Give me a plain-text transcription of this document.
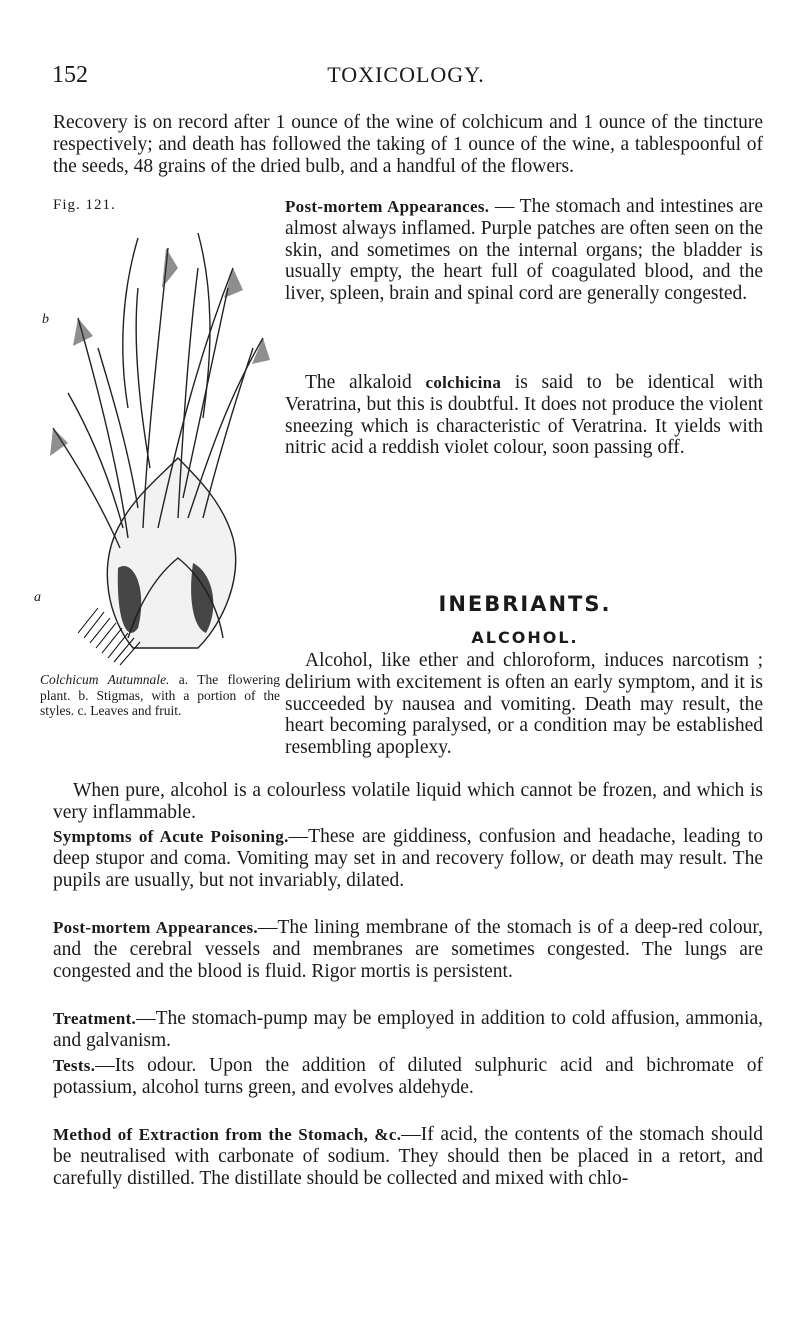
152	TOXICOLOGY.

Recovery is on record after 1 ounce of the wine of colchicum and 1 ounce of the tincture respectively; and death has followed the taking of 1 ounce of the wine, a tablespoonful of the seeds, 48 grains of the dried bulb, and a handful of the flowers.

Fig. 121.
b
a
Colchicum Autumnale. a. The flowering plant. b. Stigmas, with a portion of the styles. c. Leaves and fruit.

Post-mortem Appearances. — The stomach and intestines are almost always inflamed. Purple patches are often seen on the skin, and sometimes on the internal organs; the bladder is usually empty, the heart full of coagulated blood, and the liver, spleen, brain and spinal cord are generally congested.

The alkaloid colchicina is said to be identical with Veratrina, but this is doubtful. It does not produce the violent sneezing which is characteristic of Veratrina. It yields with nitric acid a reddish violet colour, soon passing off.

INEBRIANTS.
ALCOHOL.

Alcohol, like ether and chloroform, induces narcotism ; delirium with excitement is often an early symptom, and it is succeeded by nausea and vomiting. Death may result, the heart becoming paralysed, or a condition may be established resembling apoplexy.

When pure, alcohol is a colourless volatile liquid which cannot be frozen, and which is very inflammable.

Symptoms of Acute Poisoning.—These are giddiness, confusion and headache, leading to deep stupor and coma. Vomiting may set in and recovery follow, or death may result. The pupils are usually, but not invariably, dilated.

Post-mortem Appearances.—The lining membrane of the stomach is of a deep-red colour, and the cerebral vessels and membranes are sometimes congested. The lungs are congested and the blood is fluid. Rigor mortis is persistent.

Treatment.—The stomach-pump may be employed in addition to cold affusion, ammonia, and galvanism.

Tests.—Its odour. Upon the addition of diluted sulphuric acid and bichromate of potassium, alcohol turns green, and evolves aldehyde.

Method of Extraction from the Stomach, &c.—If acid, the contents of the stomach should be neutralised with carbonate of sodium. They should then be placed in a retort, and carefully distilled. The distillate should be collected and mixed with chlo-
